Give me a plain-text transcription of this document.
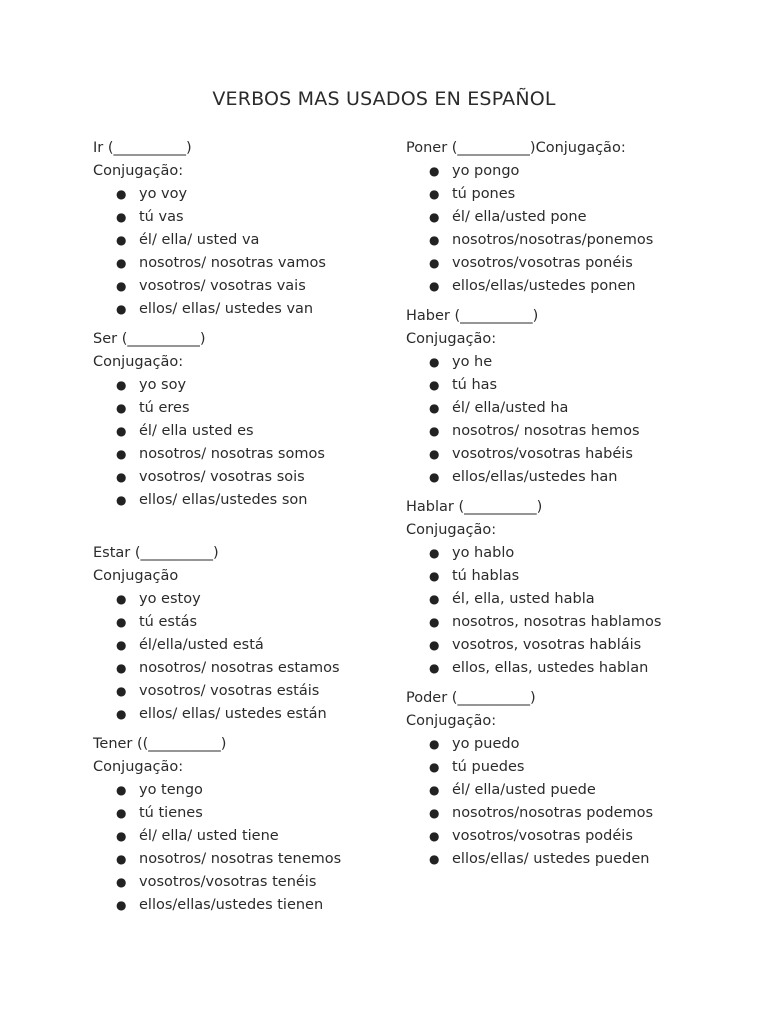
VERBOS MAS USADOS EN ESPAÑOL
Ir (__________)
Conjugação:
● yo voy
● tú vas
● él/ ella/ usted va
● nosotros/ nosotras vamos
● vosotros/ vosotras vais
● ellos/ ellas/ ustedes van
Ser (__________)
Conjugação:
● yo soy
● tú eres
● él/ ella usted es
● nosotros/ nosotras somos
● vosotros/ vosotras sois
● ellos/ ellas/ustedes son
Estar (__________)
Conjugação
● yo estoy
● tú estás
● él/ella/usted está
● nosotros/ nosotras estamos
● vosotros/ vosotras estáis
● ellos/ ellas/ ustedes están
Tener ((__________)
Conjugação:
● yo tengo
● tú tienes
● él/ ella/ usted tiene
● nosotros/ nosotras tenemos
● vosotros/vosotras tenéis
● ellos/ellas/ustedes tienen
Poner (__________)Conjugação:
● yo pongo
● tú pones
● él/ ella/usted pone
● nosotros/nosotras/ponemos
● vosotros/vosotras ponéis
● ellos/ellas/ustedes ponen
Haber (__________)
Conjugação:
● yo he
● tú has
● él/ ella/usted ha
● nosotros/ nosotras hemos
● vosotros/vosotras habéis
● ellos/ellas/ustedes han
Hablar (__________)
Conjugação:
● yo hablo
● tú hablas
● él, ella, usted habla
● nosotros, nosotras hablamos
● vosotros, vosotras habláis
● ellos, ellas, ustedes hablan
Poder (__________)
Conjugação:
● yo puedo
● tú puedes
● él/ ella/usted puede
● nosotros/nosotras podemos
● vosotros/vosotras podéis
● ellos/ellas/ ustedes pueden
